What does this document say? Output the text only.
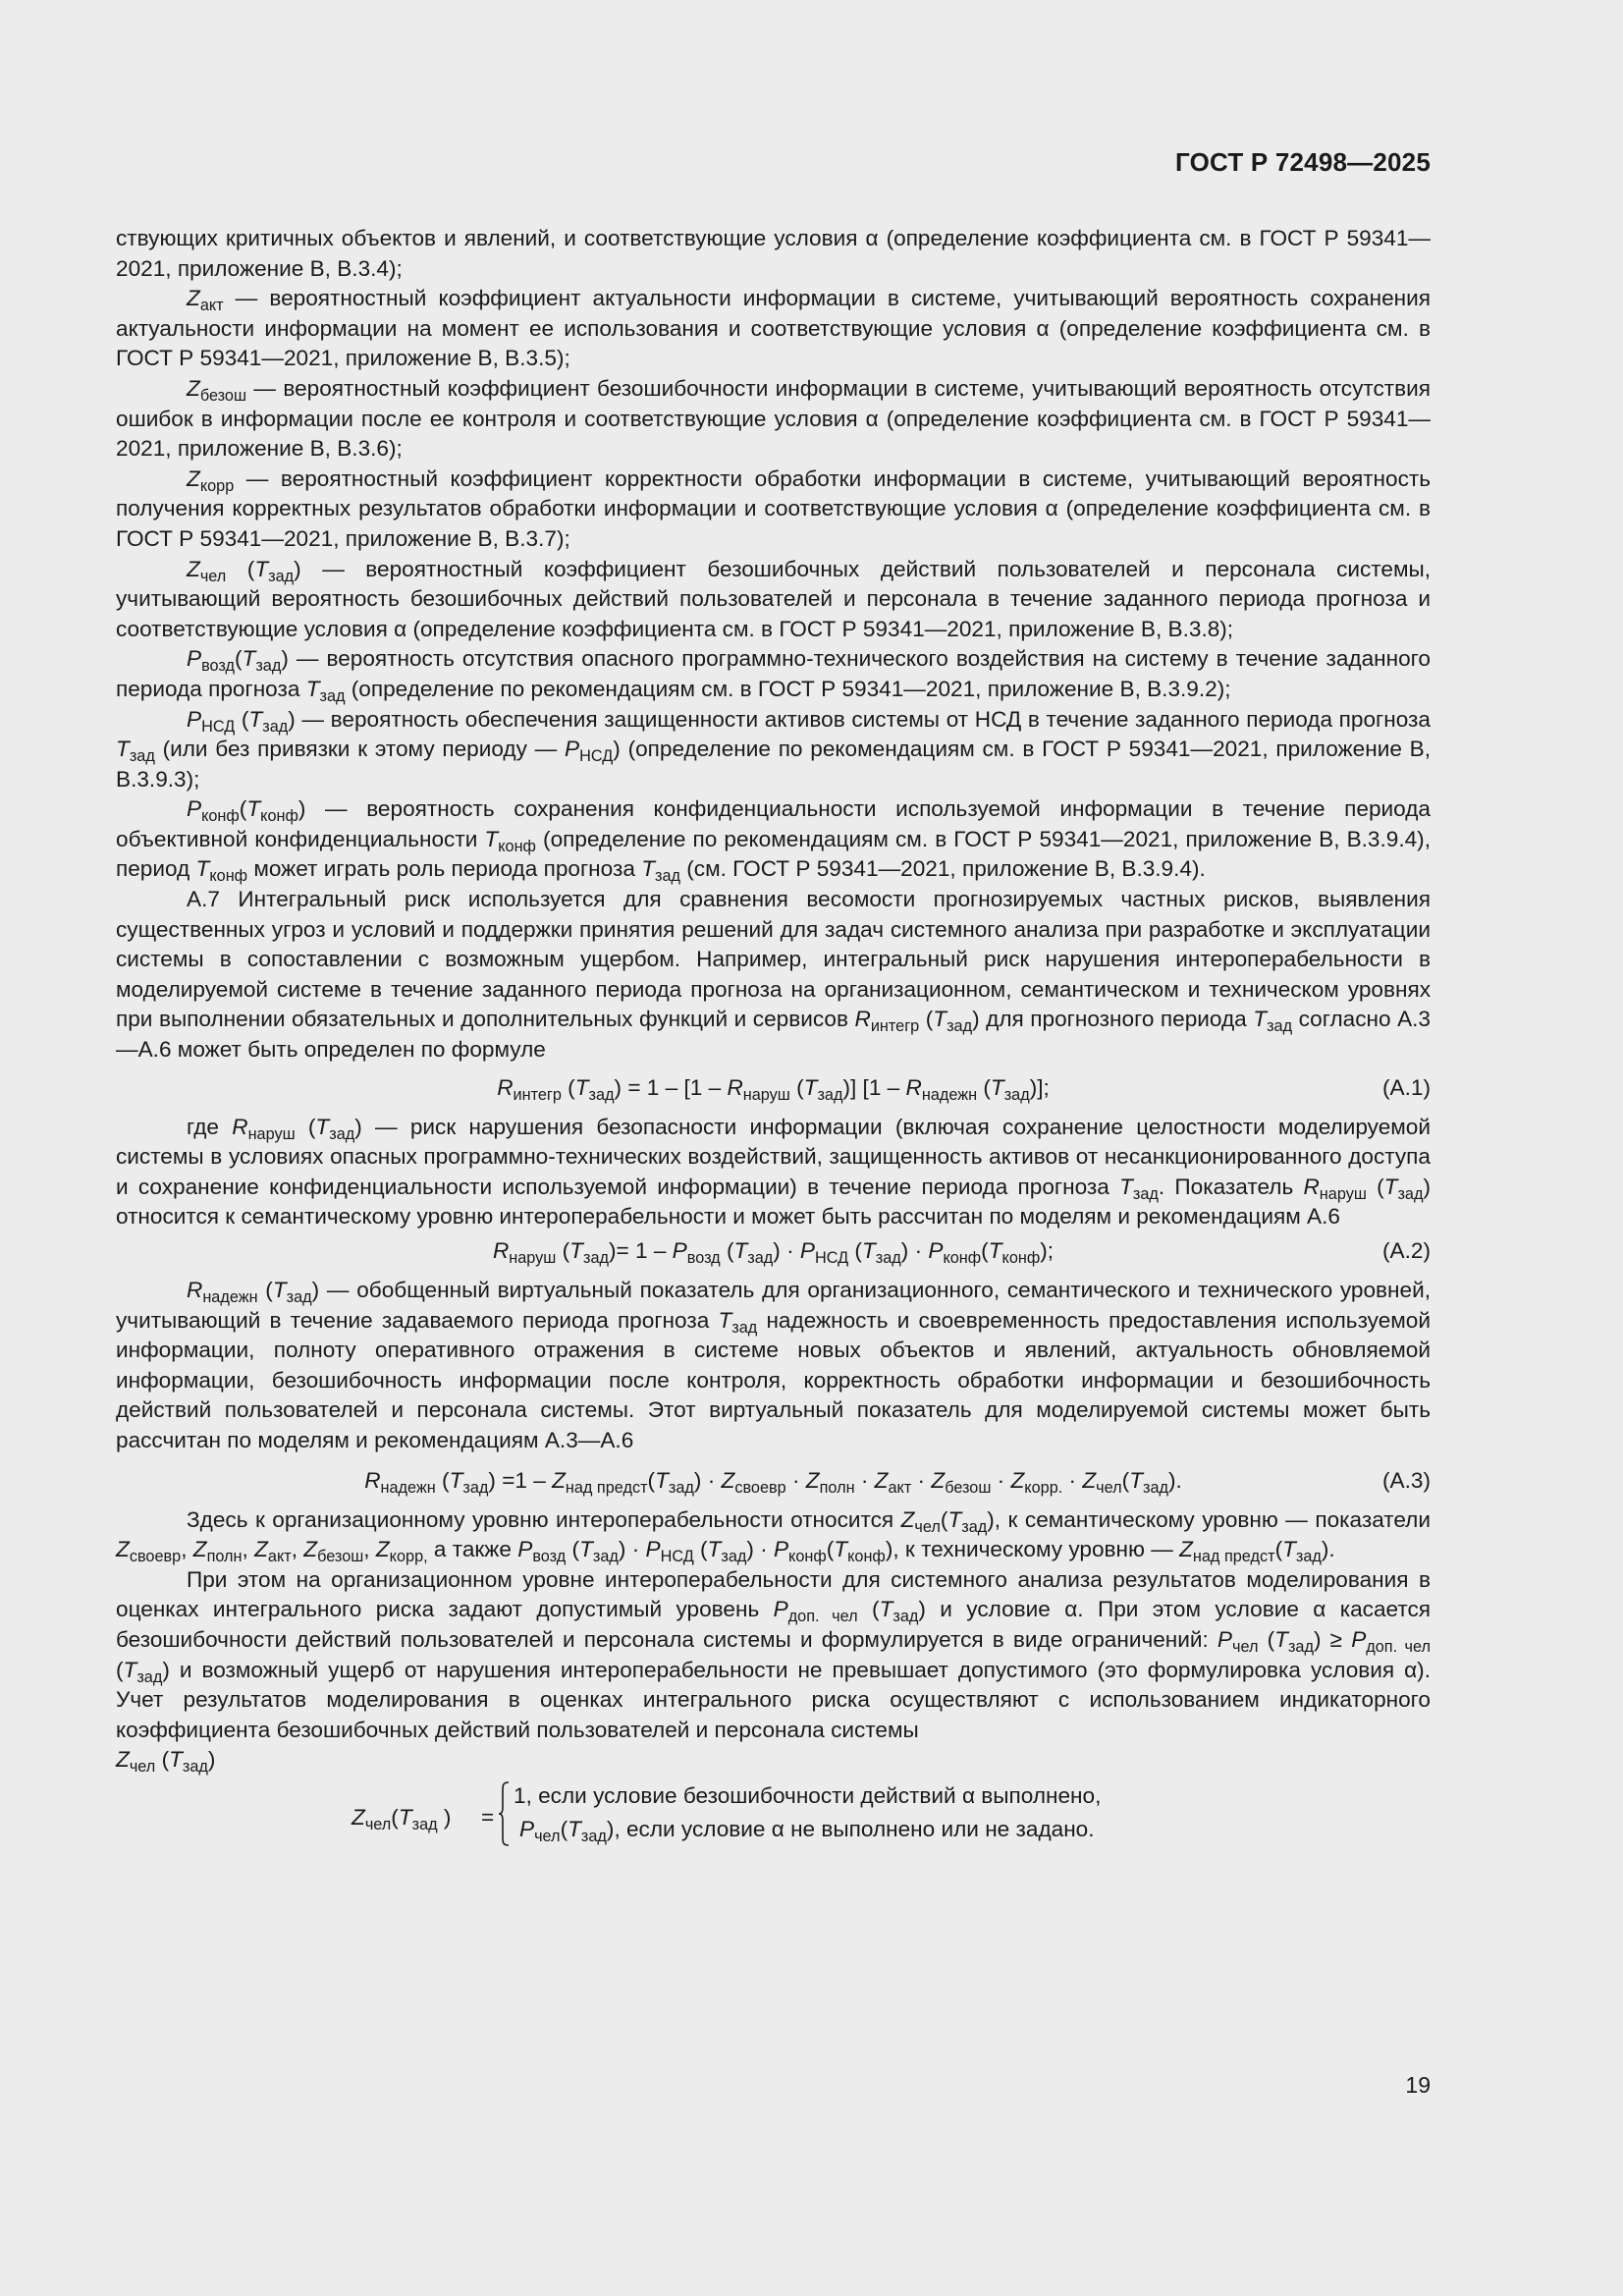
ГОСТ Р 72498—2025
ствующих критичных объектов и явлений, и соответствующие условия α (определение коэффициента см. в ГОСТ Р 59341—2021, приложение В, В.3.4);
$Z_{акт}$ — вероятностный коэффициент актуальности информации в системе, учитывающий вероятность сохранения актуальности информации на момент ее использования и соответствующие условия α (определение коэффициента см. в ГОСТ Р 59341—2021, приложение В, В.3.5);
$Z_{безош}$ — вероятностный коэффициент безошибочности информации в системе, учитывающий вероятность отсутствия ошибок в информации после ее контроля и соответствующие условия α (определение коэффициента см. в ГОСТ Р 59341—2021, приложение В, В.3.6);
$Z_{корр}$ — вероятностный коэффициент корректности обработки информации в системе, учитывающий вероятность получения корректных результатов обработки информации и соответствующие условия α (определение коэффициента см. в ГОСТ Р 59341—2021, приложение В, В.3.7);
$Z_{чел}$ $(T_{зад})$ — вероятностный коэффициент безошибочных действий пользователей и персонала системы, учитывающий вероятность безошибочных действий пользователей и персонала в течение заданного периода прогноза и соответствующие условия α (определение коэффициента см. в ГОСТ Р 59341—2021, приложение В, В.3.8);
$P_{возд}(T_{зад})$ — вероятность отсутствия опасного программно-технического воздействия на систему в течение заданного периода прогноза $T_{зад}$ (определение по рекомендациям см. в ГОСТ Р 59341—2021, приложение В, В.3.9.2);
$P_{НСД}$ $(T_{зад})$ — вероятность обеспечения защищенности активов системы от НСД в течение заданного периода прогноза $T_{зад}$ (или без привязки к этому периоду — $P_{НСД}$) (определение по рекомендациям см. в ГОСТ Р 59341—2021, приложение В, В.3.9.3);
$P_{конф}(T_{конф})$ — вероятность сохранения конфиденциальности используемой информации в течение периода объективной конфиденциальности $T_{конф}$ (определение по рекомендациям см. в ГОСТ Р 59341—2021, приложение В, В.3.9.4), период $T_{конф}$ может играть роль периода прогноза $T_{зад}$ (см. ГОСТ Р 59341—2021, приложение В, В.3.9.4).
А.7 Интегральный риск используется для сравнения весомости прогнозируемых частных рисков, выявления существенных угроз и условий и поддержки принятия решений для задач системного анализа при разработке и эксплуатации системы в сопоставлении с возможным ущербом. Например, интегральный риск нарушения интероперабельности в моделируемой системе в течение заданного периода прогноза на организационном, семантическом и техническом уровнях при выполнении обязательных и дополнительных функций и сервисов $R_{интегр}$ $(T_{зад})$ для прогнозного периода $T_{зад}$ согласно А.3—А.6 может быть определен по формуле
$R_{интегр}$ $(T_{зад}) = 1 - [1 - R_{наруш}$ $(T_{зад})$] [$1 - R_{надежн}$ $(T_{зад})$];	(А.1)
где $R_{наруш}$ $(T_{зад})$ — риск нарушения безопасности информации (включая сохранение целостности моделируемой системы в условиях опасных программно-технических воздействий, защищенность активов от несанкционированного доступа и сохранение конфиденциальности используемой информации) в течение периода прогноза $T_{зад}$. Показатель $R_{наруш}$ $(T_{зад})$ относится к семантическому уровню интероперабельности и может быть рассчитан по моделям и рекомендациям А.6
$R_{наруш}$ $(T_{зад})= 1 - P_{возд}$ $(T_{зад}) \cdot P_{НСД}$ $(T_{зад}) \cdot P_{конф}(T_{конф})$;	(А.2)
$R_{надежн}$ $(T_{зад})$ — обобщенный виртуальный показатель для организационного, семантического и технического уровней, учитывающий в течение задаваемого периода прогноза $T_{зад}$ надежность и своевременность предоставления используемой информации, полноту оперативного отражения в системе новых объектов и явлений, актуальность обновляемой информации, безошибочность информации после контроля, корректность обработки информации и безошибочность действий пользователей и персонала системы. Этот виртуальный показатель для моделируемой системы может быть рассчитан по моделям и рекомендациям А.3—А.6
$R_{надежн}$ $(T_{зад}) =1 - Z_{над предст}(T_{зад}) \cdot Z_{своевр} \cdot Z_{полн} \cdot Z_{акт} \cdot Z_{безош} \cdot Z_{корр.} \cdot Z_{чел}(T_{зад})$.	(А.3)
Здесь к организационному уровню интероперабельности относится $Z_{чел}(T_{зад})$, к семантическому уровню — показатели $Z_{своевр}$, $Z_{полн}$, $Z_{акт}$, $Z_{безош}$, $Z_{корр,}$ а также $P_{возд}$ $(T_{зад}) \cdot P_{НСД}$ $(T_{зад}) \cdot P_{конф}(T_{конф})$, к техническому уровню — $Z_{над предст}(T_{зад})$.
При этом на организационном уровне интероперабельности для системного анализа результатов моделирования в оценках интегрального риска задают допустимый уровень $P_{доп. чел}$ $(T_{зад})$ и условие α. При этом условие α касается безошибочности действий пользователей и персонала системы и формулируется в виде ограничений: $P_{чел}$ $(T_{зад}) \ge P_{доп. чел}$ $(T_{зад})$ и возможный ущерб от нарушения интероперабельности не превышает допустимого (это формулировка условия α). Учет результатов моделирования в оценках интегрального риска осуществляют с использованием индикаторного коэффициента безошибочных действий пользователей и персонала системы
$Z_{чел}$ $(T_{зад})$
$Z_{чел}(T_{зад}$ ) =
1, если условие безошибочности действий α выполнено,
$P_{чел}(T_{зад})$, если условие α не выполнено или не задано.
19
